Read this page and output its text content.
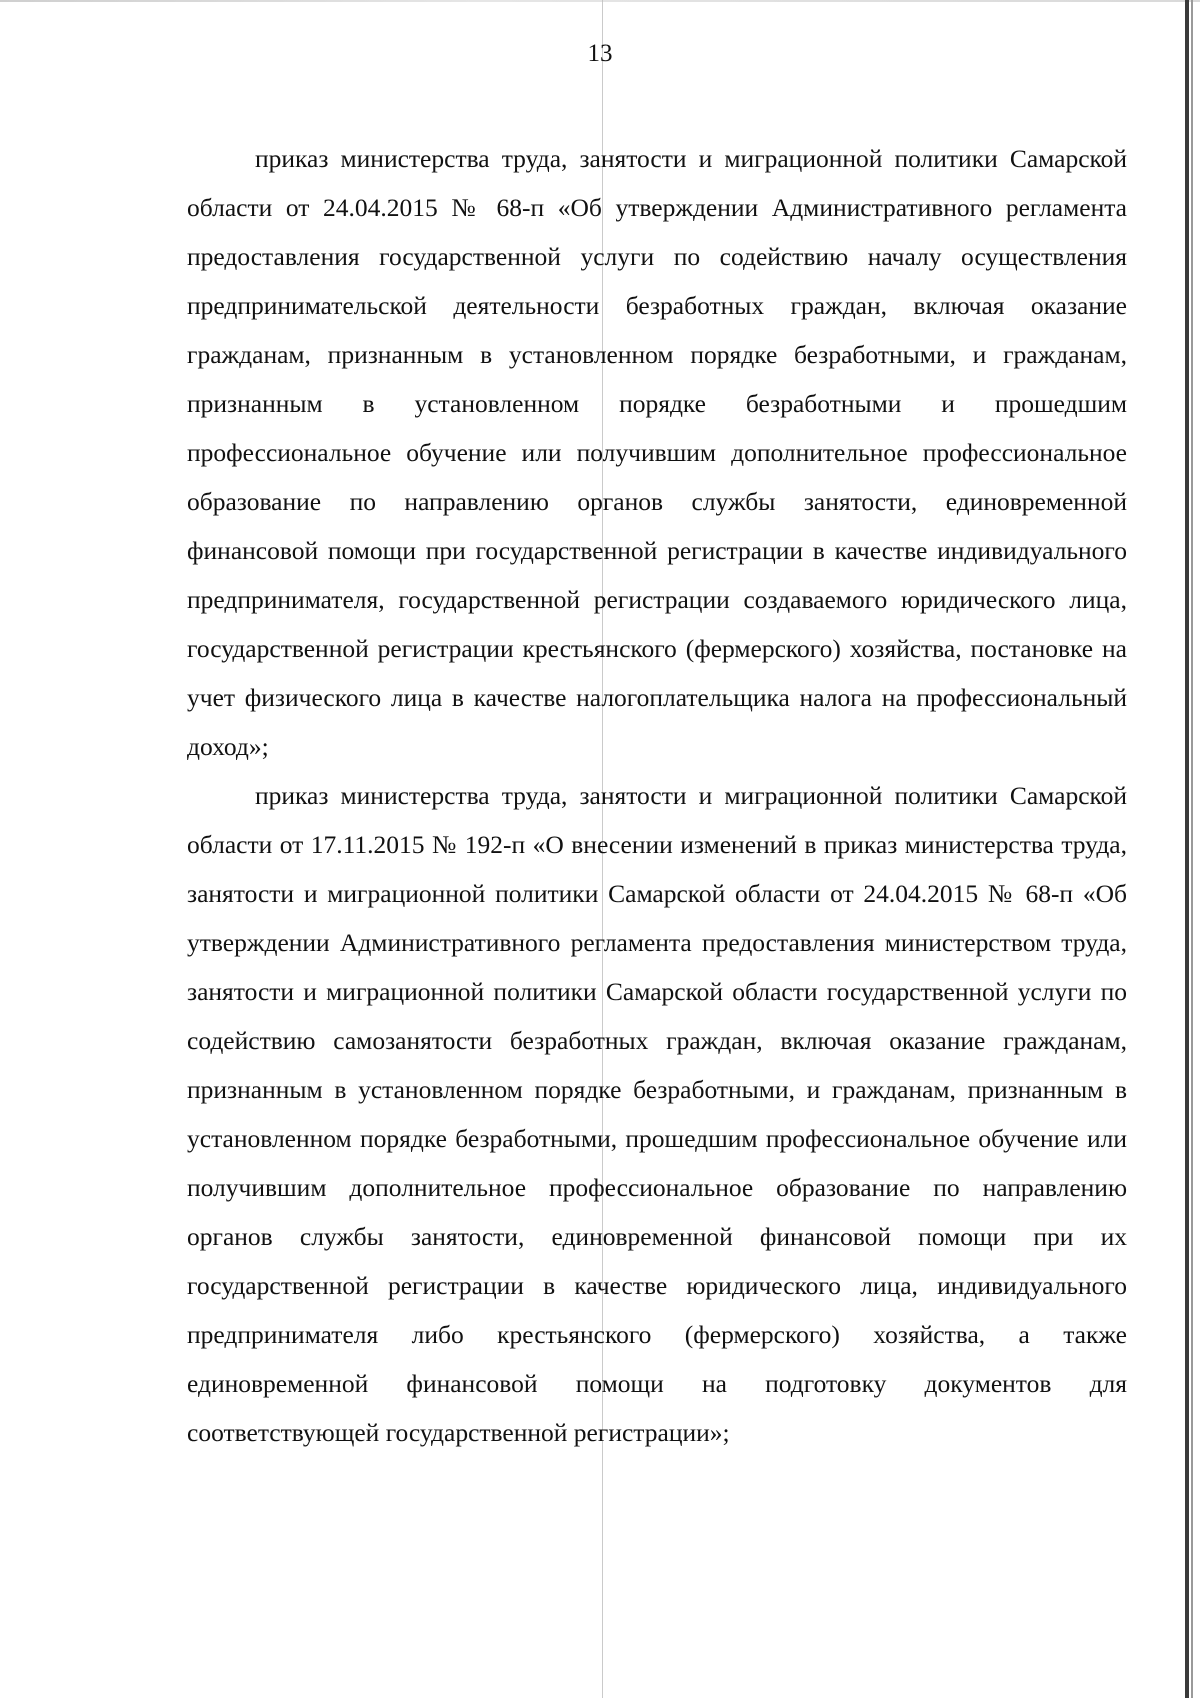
13

приказ министерства труда, занятости и миграционной политики Самарской области от 24.04.2015 № 68-п «Об утверждении Административного регламента предоставления государственной услуги по содействию началу осуществления предпринимательской деятельности безработных граждан, включая оказание гражданам, признанным в установленном порядке безработными, и гражданам, признанным в установленном порядке безработными и прошедшим профессиональное обучение или получившим дополнительное профессиональное образование по направлению органов службы занятости, единовременной финансовой помощи при государственной регистрации в качестве индивидуального предпринимателя, государственной регистрации создаваемого юридического лица, государственной регистрации крестьянского (фермерского) хозяйства, постановке на учет физического лица в качестве налогоплательщика налога на профессиональный доход»;

приказ министерства труда, занятости и миграционной политики Самарской области от 17.11.2015 № 192-п «О внесении изменений в приказ министерства труда, занятости и миграционной политики Самарской области от 24.04.2015 № 68-п «Об утверждении Административного регламента предоставления министерством труда, занятости и миграционной политики Самарской области государственной услуги по содействию самозанятости безработных граждан, включая оказание гражданам, признанным в установленном порядке безработными, и гражданам, признанным в установленном порядке безработными, прошедшим профессиональное обучение или получившим дополнительное профессиональное образование по направлению органов службы занятости, единовременной финансовой помощи при их государственной регистрации в качестве юридического лица, индивидуального предпринимателя либо крестьянского (фермерского) хозяйства, а также единовременной финансовой помощи на подготовку документов для соответствующей государственной регистрации»;
